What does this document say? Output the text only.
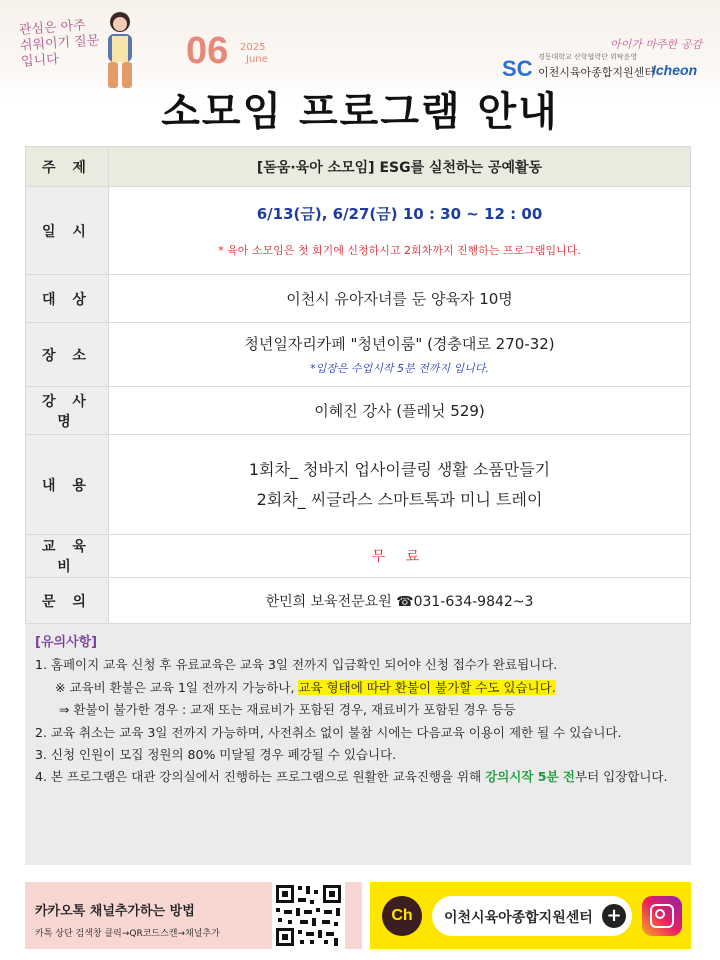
관심은 아주 쉬워이기 질문입니다	06 2025
June
아이가 마주한 공감
SC 경동대학교 산학협력단 위탁운영
이천시육아종합지원센터
Icheon
소모임 프로그램 안내
주 제	[돋움·육아 소모임] ESG를 실천하는 공예활동
일 시	6/13(금), 6/27(금) 10 : 30 ~ 12 : 00
* 육아 소모임은 첫 회기에 신청하시고 2회차까지 진행하는 프로그램입니다.

대 상	이천시 유아자녀를 둔 양육자 10명
장 소	청년일자리카페 "청년이룸" (경충대로 270-32)
*입장은 수업시작 5분 전까지 입니다.

강 사 명	이혜진 강사 (플레닛 529)
내 용	1회차_ 청바지 업사이클링 생활 소품만들기
2회차_ 씨글라스 스마트톡과 미니 트레이

교 육 비	무 료
문 의	한민희 보육전문요원 ☎031-634-9842~3

[유의사항]

1. 홈페이지 교육 신청 후 유료교육은 교육 3일 전까지 입금확인 되어야 신청 접수가 완료됩니다.

※ 교육비 환불은 교육 1일 전까지 가능하나, 교육 형태에 따라 환불이 불가할 수도 있습니다.

⇒ 환불이 불가한 경우 : 교재 또는 재료비가 포함된 경우, 재료비가 포함된 경우 등등

2. 교육 취소는 교육 3일 전까지 가능하며, 사전취소 없이 불참 시에는 다음교육 이용이 제한 될 수 있습니다.

3. 신청 인원이 모집 정원의 80% 미달될 경우 폐강될 수 있습니다.

4. 본 프로그램은 대관 강의실에서 진행하는 프로그램으로 원활한 교육진행을 위해 강의시작 5분 전부터 입장합니다.

카카오톡 채널추가하는 방법
카톡 상단 검색창 클릭→QR코드스캔→채널추가
Ch	이천시육아종합지원센터 +
